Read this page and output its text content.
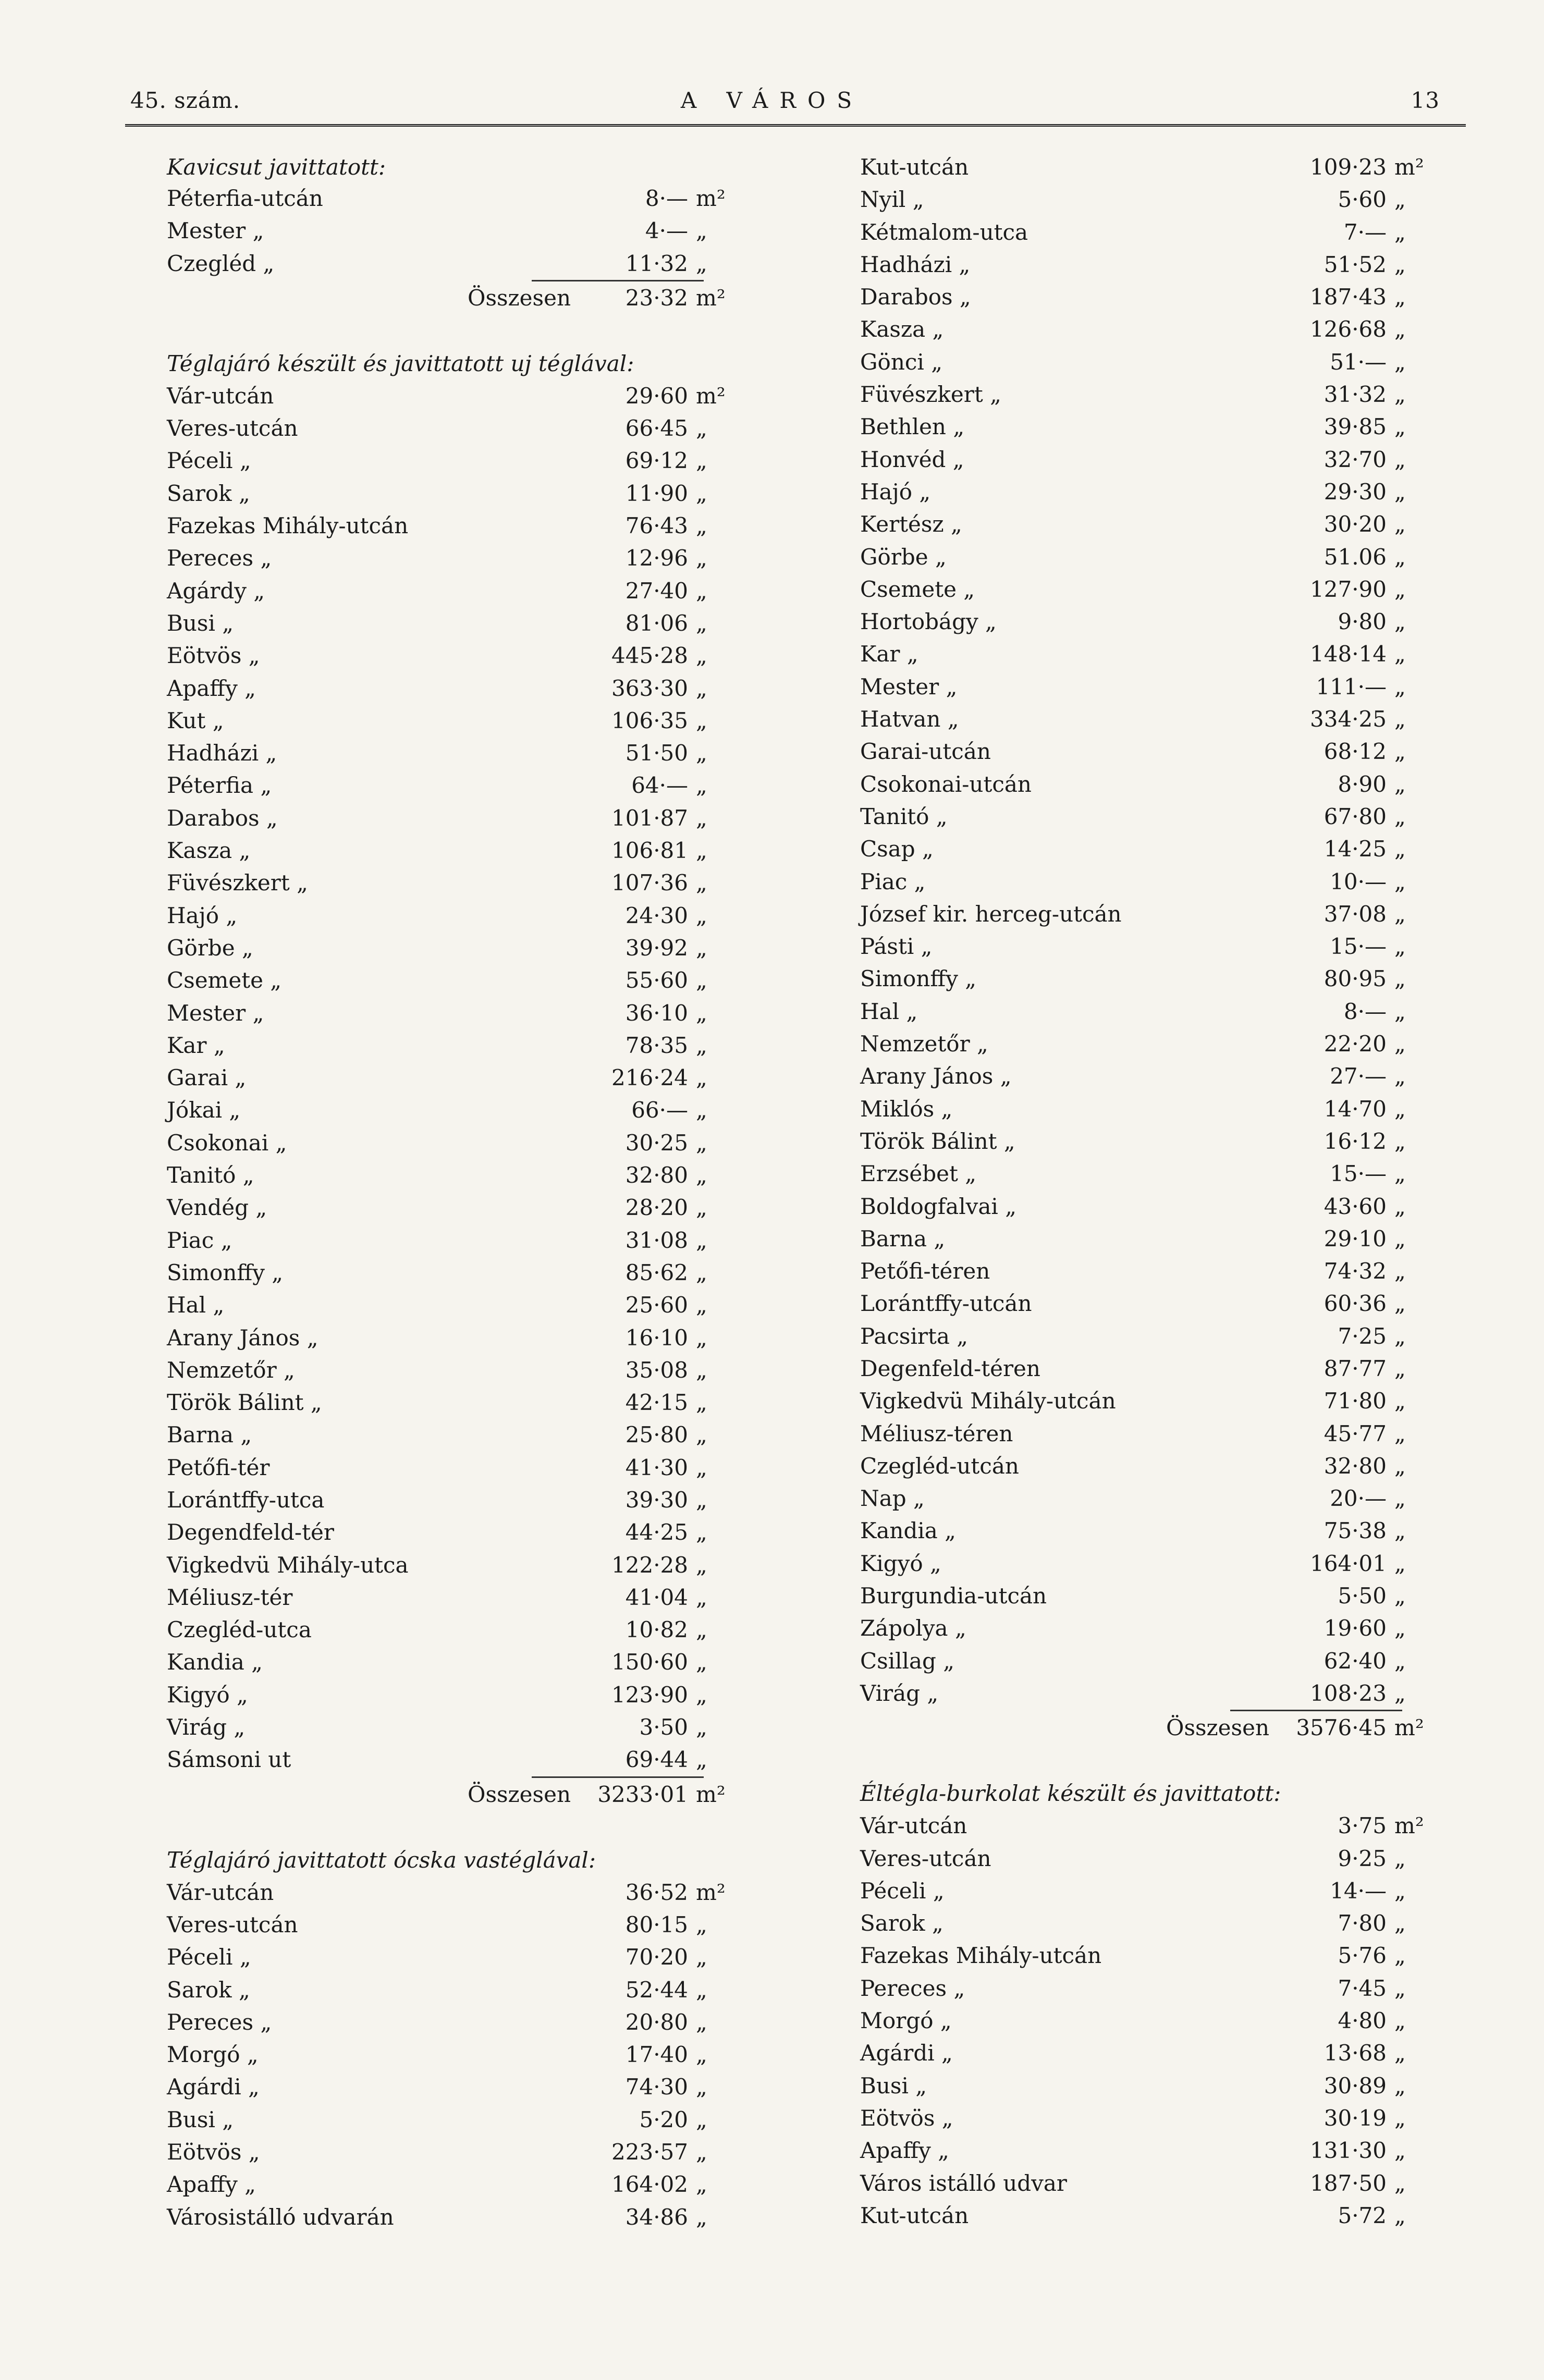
45. szám.	A VÁROS	13
Kavicsut javittatott:
Péterfia-utcán	8·— m²
Mester „	4·— „
Czegléd „	11·32 „
Összesen	23·32 m²
Téglajáró készült és javittatott uj téglával:
Vár-utcán	29·60 m²
Veres-utcán	66·45 „
Péceli „	69·12 „
Sarok „	11·90 „
Fazekas Mihály-utcán	76·43 „
Pereces „	12·96 „
Agárdy „	27·40 „
Busi „	81·06 „
Eötvös „	445·28 „
Apaffy „	363·30 „
Kut „	106·35 „
Hadházi „	51·50 „
Péterfia „	64·— „
Darabos „	101·87 „
Kasza „	106·81 „
Füvészkert „	107·36 „
Hajó „	24·30 „
Görbe „	39·92 „
Csemete „	55·60 „
Mester „	36·10 „
Kar „	78·35 „
Garai „	216·24 „
Jókai „	66·— „
Csokonai „	30·25 „
Tanitó „	32·80 „
Vendég „	28·20 „
Piac „	31·08 „
Simonffy „	85·62 „
Hal „	25·60 „
Arany János „	16·10 „
Nemzetőr „	35·08 „
Török Bálint „	42·15 „
Barna „	25·80 „
Petőfi-tér	41·30 „
Lorántffy-utca	39·30 „
Degendfeld-tér	44·25 „
Vigkedvü Mihály-utca	122·28 „
Méliusz-tér	41·04 „
Czegléd-utca	10·82 „
Kandia „	150·60 „
Kigyó „	123·90 „
Virág „	3·50 „
Sámsoni ut	69·44 „
Összesen	3233·01 m²
Téglajáró javittatott ócska vastéglával:
Vár-utcán	36·52 m²
Veres-utcán	80·15 „
Péceli „	70·20 „
Sarok „	52·44 „
Pereces „	20·80 „
Morgó „	17·40 „
Agárdi „	74·30 „
Busi „	5·20 „
Eötvös „	223·57 „
Apaffy „	164·02 „
Városistálló udvarán	34·86 „
Kut-utcán	109·23 m²
Nyil „	5·60 „
Kétmalom-utca	7·— „
Hadházi „	51·52 „
Darabos „	187·43 „
Kasza „	126·68 „
Gönci „	51·— „
Füvészkert „	31·32 „
Bethlen „	39·85 „
Honvéd „	32·70 „
Hajó „	29·30 „
Kertész „	30·20 „
Görbe „	51.06 „
Csemete „	127·90 „
Hortobágy „	9·80 „
Kar „	148·14 „
Mester „	111·— „
Hatvan „	334·25 „
Garai-utcán	68·12 „
Csokonai-utcán	8·90 „
Tanitó „	67·80 „
Csap „	14·25 „
Piac „	10·— „
József kir. herceg-utcán	37·08 „
Pásti „	15·— „
Simonffy „	80·95 „
Hal „	8·— „
Nemzetőr „	22·20 „
Arany János „	27·— „
Miklós „	14·70 „
Török Bálint „	16·12 „
Erzsébet „	15·— „
Boldogfalvai „	43·60 „
Barna „	29·10 „
Petőfi-téren	74·32 „
Lorántffy-utcán	60·36 „
Pacsirta „	7·25 „
Degenfeld-téren	87·77 „
Vigkedvü Mihály-utcán	71·80 „
Méliusz-téren	45·77 „
Czegléd-utcán	32·80 „
Nap „	20·— „
Kandia „	75·38 „
Kigyó „	164·01 „
Burgundia-utcán	5·50 „
Zápolya „	19·60 „
Csillag „	62·40 „
Virág „	108·23 „
Összesen	3576·45 m²
Éltégla-burkolat készült és javittatott:
Vár-utcán	3·75 m²
Veres-utcán	9·25 „
Péceli „	14·— „
Sarok „	7·80 „
Fazekas Mihály-utcán	5·76 „
Pereces „	7·45 „
Morgó „	4·80 „
Agárdi „	13·68 „
Busi „	30·89 „
Eötvös „	30·19 „
Apaffy „	131·30 „
Város istálló udvar	187·50 „
Kut-utcán	5·72 „
